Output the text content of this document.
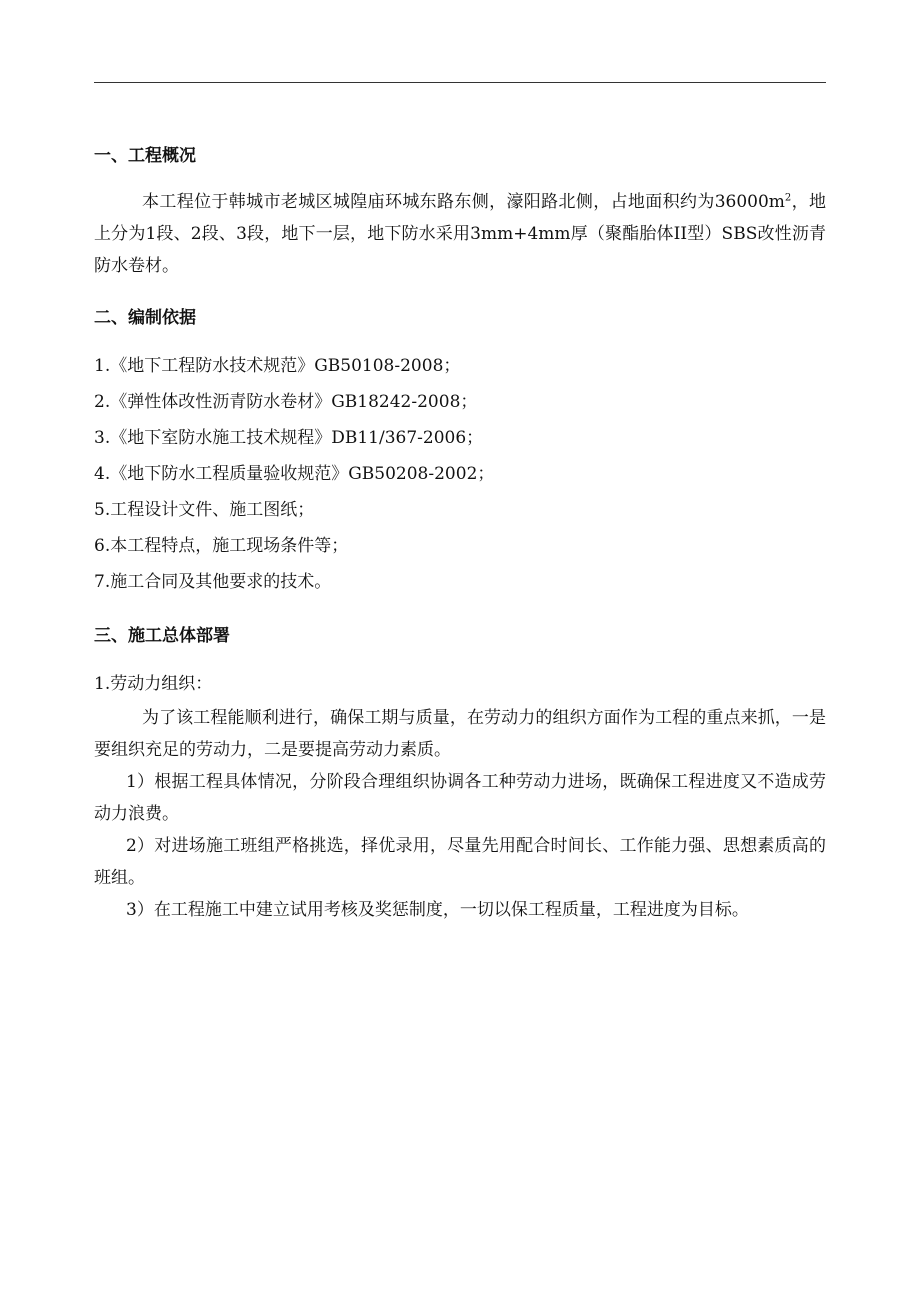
一、工程概况

本工程位于韩城市老城区城隍庙环城东路东侧，濠阳路北侧，占地面积约为$36000m^2$，地上分为1段、2段、3段，地下一层，地下防水采用3mm+4mm厚（聚酯胎体II型）SBS改性沥青防水卷材。

二、编制依据

1.《地下工程防水技术规范》GB50108-2008；

2.《弹性体改性沥青防水卷材》GB18242-2008；

3.《地下室防水施工技术规程》DB11/367-2006；

4.《地下防水工程质量验收规范》GB50208-2002；

5.工程设计文件、施工图纸；

6.本工程特点，施工现场条件等；

7.施工合同及其他要求的技术。

三、施工总体部署

1.劳动力组织：

为了该工程能顺利进行，确保工期与质量，在劳动力的组织方面作为工程的重点来抓，一是要组织充足的劳动力，二是要提高劳动力素质。

1）根据工程具体情况，分阶段合理组织协调各工种劳动力进场，既确保工程进度又不造成劳动力浪费。

2）对进场施工班组严格挑选，择优录用，尽量先用配合时间长、工作能力强、思想素质高的班组。

3）在工程施工中建立试用考核及奖惩制度，一切以保工程质量，工程进度为目标。
